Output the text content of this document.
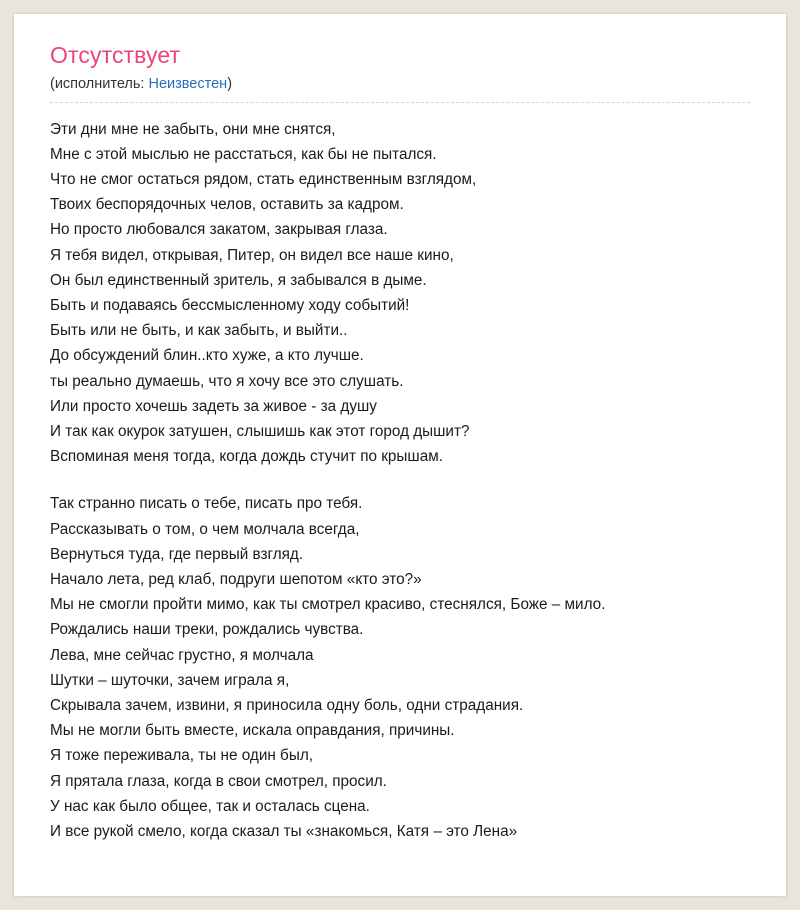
Отсутствует
(исполнитель: Неизвестен)
Эти дни мне не забыть, они мне снятся,
Мне с этой мыслью не расстаться, как бы не пытался.
Что не смог остаться рядом, стать единственным взглядом,
Твоих беспорядочных челов, оставить за кадром.
Но просто любовался закатом, закрывая глаза.
Я тебя видел, открывая, Питер, он видел все наше кино,
Он был единственный зритель, я забывался в дыме.
Быть и подаваясь бессмысленному ходу событий!
Быть или не быть, и как забыть, и выйти..
До обсуждений блин..кто хуже, а кто лучше.
ты реально думаешь, что я хочу все это слушать.
Или просто хочешь задеть за живое - за душу
И так как окурок затушен, слышишь как этот город дышит?
Вспоминая меня тогда, когда дождь стучит по крышам.
Так странно писать о тебе, писать про тебя.
Рассказывать о том, о чем молчала всегда,
Вернуться туда, где первый взгляд.
Начало лета, ред клаб, подруги шепотом «кто это?»
Мы не смогли пройти мимо, как ты смотрел красиво, стеснялся, Боже – мило.
Рождались наши треки, рождались чувства.
Лева, мне сейчас грустно, я молчала
Шутки – шуточки, зачем играла я,
Скрывала зачем, извини, я приносила одну боль, одни страдания.
Мы не могли быть вместе, искала оправдания, причины.
Я тоже переживала, ты не один был,
Я прятала глаза, когда в свои смотрел, просил.
У нас как было общее, так и осталась сцена.
И все рукой смело, когда сказал ты «знакомься, Катя – это Лена»
